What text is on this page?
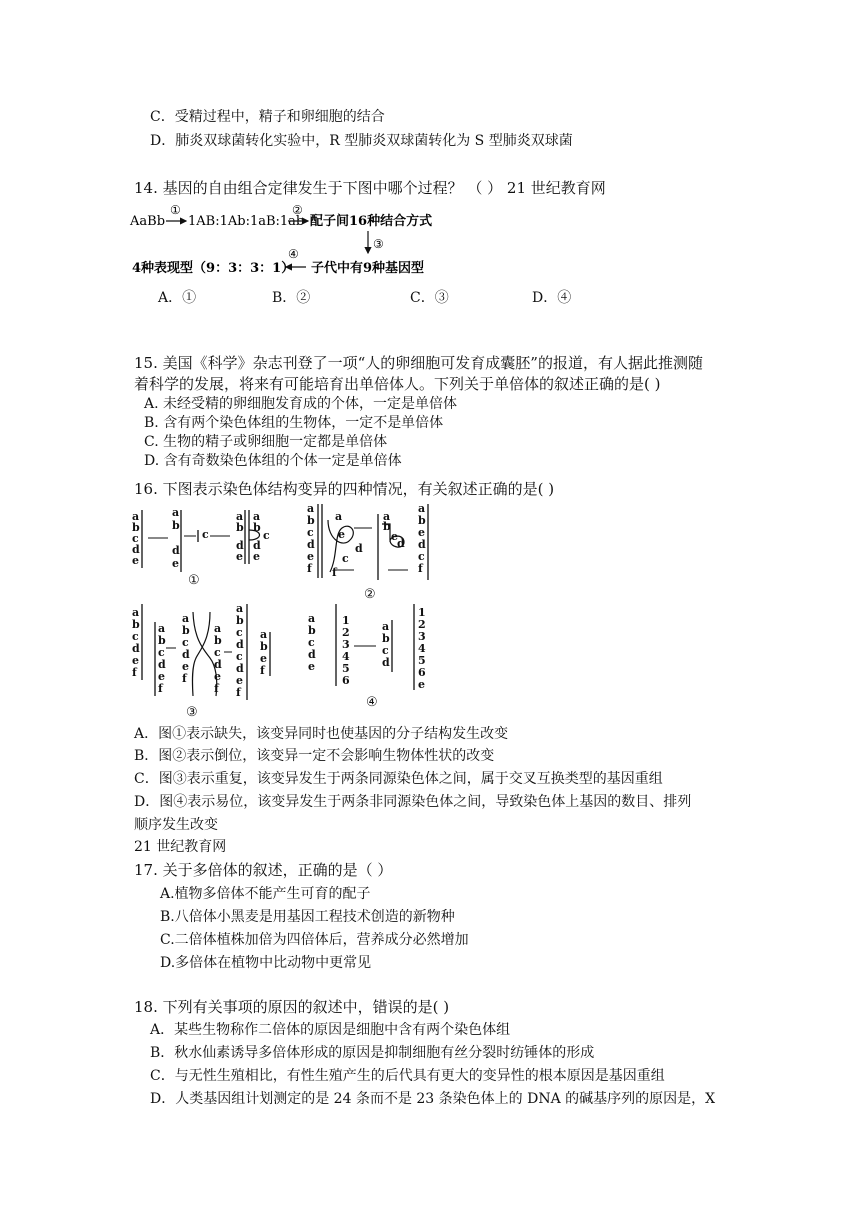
C．受精过程中，精子和卵细胞的结合
D．肺炎双球菌转化实验中，R 型肺炎双球菌转化为 S 型肺炎双球菌
14. 基因的自由组合定律发生于下图中哪个过程？ （ ） 21 世纪教育网
AaBb
①
1AB:1Ab:1aB:1ab
②
配子间16种结合方式
③
子代中有9种基因型
④
4种表现型（9：3：3：1）
A．①	B．②	C．③	D．④
15. 美国《科学》杂志刊登了一项“人的卵细胞可发育成囊胚”的报道，有人据此推测随
着科学的发展，将来有可能培育出单倍体人。下列关于单倍体的叙述正确的是( )
A. 未经受精的卵细胞发育成的个体，一定是单倍体
B. 含有两个染色体组的生物体，一定不是单倍体
C. 生物的精子或卵细胞一定都是单倍体
D. 含有奇数染色体组的个体一定是单倍体
16. 下图表示染色体结构变异的四种情况，有关叙述正确的是( )
a
b
c
d
e
a
b
d
e
c
a
b
d
e
a
b
c
d
e
①
a
b
c
d
e
f
a
e
d
c
f
a
b
e
d
a
b
e
d
c
f
②
a
b
c
d
e
f
a
b
c
d
e
f
a
b
c
d
e
f
a
b
c
d
e
f
a
b
c
d
c
d
e
f
a
b
e
f
③
a
b
c
d
e
1
2
3
4
5
6
a
b
c
d
1
2
3
4
5
6
e
④
A．图①表示缺失，该变异同时也使基因的分子结构发生改变
B．图②表示倒位，该变异一定不会影响生物体性状的改变
C．图③表示重复，该变异发生于两条同源染色体之间，属于交叉互换类型的基因重组
D．图④表示易位，该变异发生于两条非同源染色体之间，导致染色体上基因的数目、排列
顺序发生改变
21 世纪教育网
17. 关于多倍体的叙述，正确的是（ ）
A.植物多倍体不能产生可育的配子
B.八倍体小黑麦是用基因工程技术创造的新物种
C.二倍体植株加倍为四倍体后，营养成分必然增加
D.多倍体在植物中比动物中更常见
18. 下列有关事项的原因的叙述中，错误的是( )
A．某些生物称作二倍体的原因是细胞中含有两个染色体组
B．秋水仙素诱导多倍体形成的原因是抑制细胞有丝分裂时纺锤体的形成
C．与无性生殖相比，有性生殖产生的后代具有更大的变异性的根本原因是基因重组
D．人类基因组计划测定的是 24 条而不是 23 条染色体上的 DNA 的碱基序列的原因是，X
